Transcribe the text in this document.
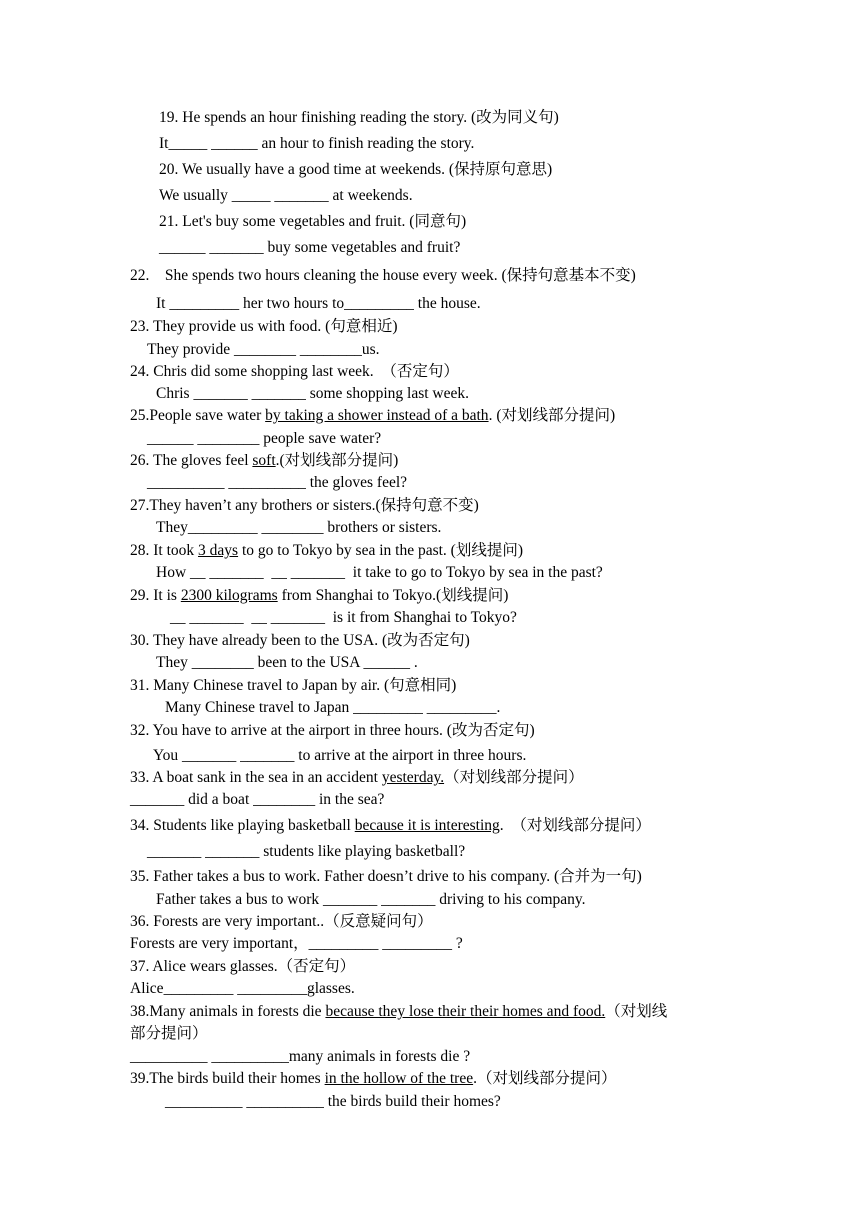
19. He spends an hour finishing reading the story. (改为同义句)
It_____ ______ an hour to finish reading the story.
20. We usually have a good time at weekends. (保持原句意思)
We usually _____ _______ at weekends.
21. Let's buy some vegetables and fruit. (同意句)
______ _______ buy some vegetables and fruit?
22.    She spends two hours cleaning the house every week. (保持句意基本不变)
It _________ her two hours to_________ the house.
23. They provide us with food. (句意相近)
They provide ________ ________us.
24. Chris did some shopping last week.  （否定句）
Chris _______ _______ some shopping last week.
25.People save water by taking a shower instead of a bath. (对划线部分提问)
______ ________ people save water?
26. The gloves feel soft.(对划线部分提问)
__________ __________ the gloves feel?
27.They haven’t any brothers or sisters.(保持句意不变)
They_________ ________ brothers or sisters.
28. It took 3 days to go to Tokyo by sea in the past. (划线提问)
How __ _______  __ _______  it take to go to Tokyo by sea in the past?
29. It is 2300 kilograms from Shanghai to Tokyo.(划线提问)
__ _______  __ _______  is it from Shanghai to Tokyo?
30. They have already been to the USA. (改为否定句)
They ________ been to the USA ______ .
31. Many Chinese travel to Japan by air. (句意相同)
Many Chinese travel to Japan _________ _________.
32. You have to arrive at the airport in three hours. (改为否定句)
You _______ _______ to arrive at the airport in three hours.
33. A boat sank in the sea in an accident yesterday.（对划线部分提问）
_______ did a boat ________ in the sea?
34. Students like playing basketball because it is interesting.  （对划线部分提问）
_______ _______ students like playing basketball?
35. Father takes a bus to work. Father doesn’t drive to his company. (合并为一句)
Father takes a bus to work _______ _______ driving to his company.
36. Forests are very important..（反意疑问句）
Forests are very important，_________ _________ ?
37. Alice wears glasses.（否定句）
Alice_________ _________glasses.
38.Many animals in forests die because they lose their their homes and food.（对划线
部分提问）
__________ __________many animals in forests die ?
39.The birds build their homes in the hollow of the tree.（对划线部分提问）
__________ __________ the birds build their homes?
